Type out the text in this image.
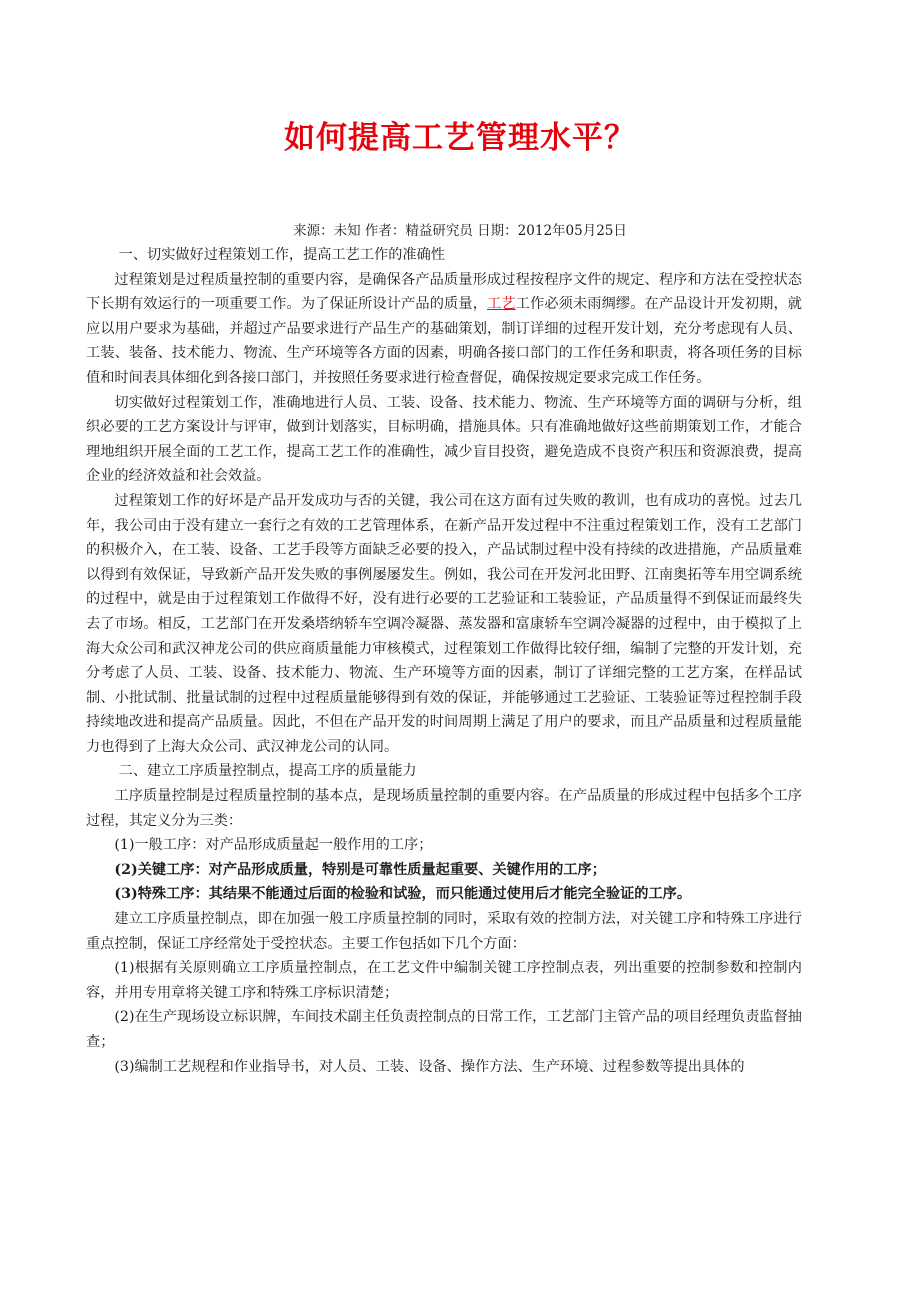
如何提高工艺管理水平？
来源：未知 作者：精益研究员 日期：2012年05月25日

一、切实做好过程策划工作，提高工艺工作的准确性

过程策划是过程质量控制的重要内容，是确保各产品质量形成过程按程序文件的规定、程序和方法在受控状态下长期有效运行的一项重要工作。为了保证所设计产品的质量，工艺工作必须未雨绸缪。在产品设计开发初期，就应以用户要求为基础，并超过产品要求进行产品生产的基础策划，制订详细的过程开发计划，充分考虑现有人员、工装、装备、技术能力、物流、生产环境等各方面的因素，明确各接口部门的工作任务和职责，将各项任务的目标值和时间表具体细化到各接口部门，并按照任务要求进行检查督促，确保按规定要求完成工作任务。

切实做好过程策划工作，准确地进行人员、工装、设备、技术能力、物流、生产环境等方面的调研与分析，组织必要的工艺方案设计与评审，做到计划落实，目标明确，措施具体。只有准确地做好这些前期策划工作，才能合理地组织开展全面的工艺工作，提高工艺工作的准确性，减少盲目投资，避免造成不良资产积压和资源浪费，提高企业的经济效益和社会效益。

过程策划工作的好坏是产品开发成功与否的关键，我公司在这方面有过失败的教训，也有成功的喜悦。过去几年，我公司由于没有建立一套行之有效的工艺管理体系，在新产品开发过程中不注重过程策划工作，没有工艺部门的积极介入，在工装、设备、工艺手段等方面缺乏必要的投入，产品试制过程中没有持续的改进措施，产品质量难以得到有效保证，导致新产品开发失败的事例屡屡发生。例如，我公司在开发河北田野、江南奥拓等车用空调系统的过程中，就是由于过程策划工作做得不好，没有进行必要的工艺验证和工装验证，产品质量得不到保证而最终失去了市场。相反，工艺部门在开发桑塔纳轿车空调冷凝器、蒸发器和富康轿车空调冷凝器的过程中，由于模拟了上海大众公司和武汉神龙公司的供应商质量能力审核模式，过程策划工作做得比较仔细，编制了完整的开发计划，充分考虑了人员、工装、设备、技术能力、物流、生产环境等方面的因素，制订了详细完整的工艺方案，在样品试制、小批试制、批量试制的过程中过程质量能够得到有效的保证，并能够通过工艺验证、工装验证等过程控制手段持续地改进和提高产品质量。因此，不但在产品开发的时间周期上满足了用户的要求，而且产品质量和过程质量能力也得到了上海大众公司、武汉神龙公司的认同。

二、建立工序质量控制点，提高工序的质量能力

工序质量控制是过程质量控制的基本点，是现场质量控制的重要内容。在产品质量的形成过程中包括多个工序过程，其定义分为三类：

(1)一般工序：对产品形成质量起一般作用的工序；

(2)关键工序：对产品形成质量，特别是可靠性质量起重要、关键作用的工序；

(3)特殊工序：其结果不能通过后面的检验和试验，而只能通过使用后才能完全验证的工序。

建立工序质量控制点，即在加强一般工序质量控制的同时，采取有效的控制方法，对关键工序和特殊工序进行重点控制，保证工序经常处于受控状态。主要工作包括如下几个方面：

(1)根据有关原则确立工序质量控制点，在工艺文件中编制关键工序控制点表，列出重要的控制参数和控制内容，并用专用章将关键工序和特殊工序标识清楚；

(2)在生产现场设立标识牌，车间技术副主任负责控制点的日常工作，工艺部门主管产品的项目经理负责监督抽查；

(3)编制工艺规程和作业指导书，对人员、工装、设备、操作方法、生产环境、过程参数等提出具体的
